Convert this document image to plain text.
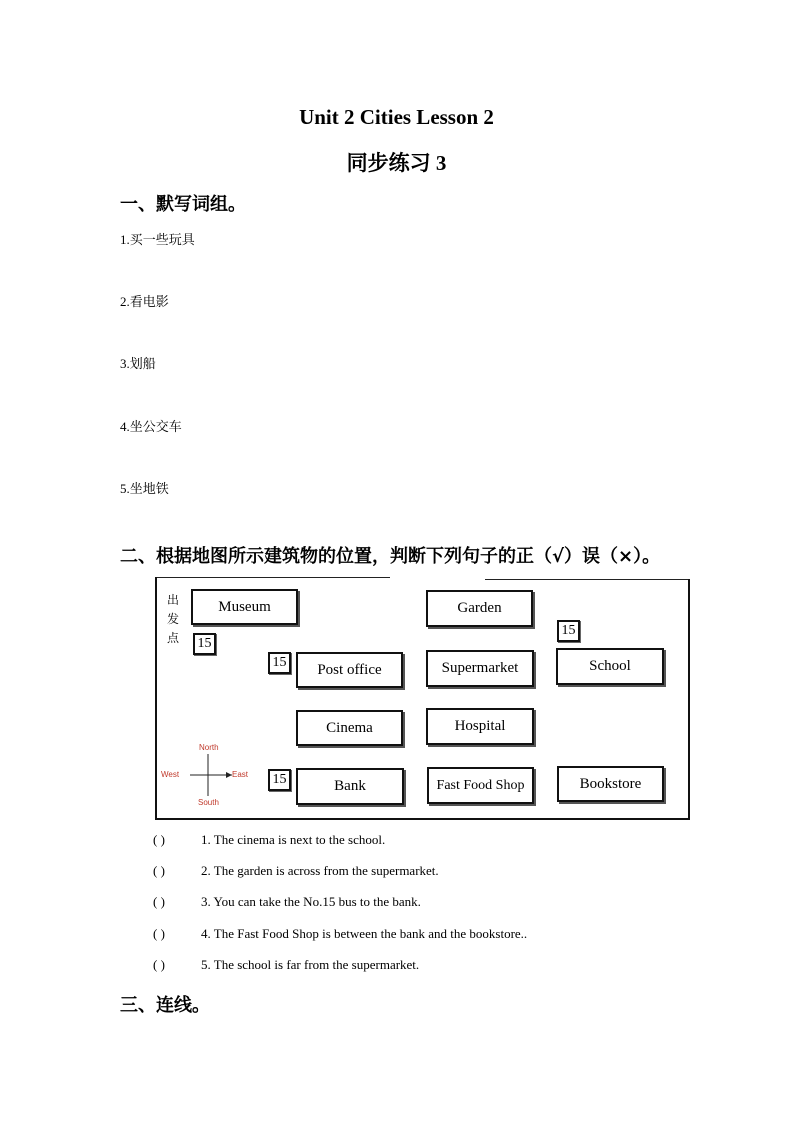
Unit 2 Cities Lesson 2
同步练习 3
一、默写词组。
1.买一些玩具
2.看电影
3.划船
4.坐公交车
5.坐地铁
二、根据地图所示建筑物的位置，判断下列句子的正（√）误（×）。
出
发
点
Museum	Garden
15
15
15	Post office	Supermarket	School
Cinema	Hospital
15	Bank	Fast Food Shop	Bookstore
North
South
West	East
( )	1. The cinema is next to the school.
( )	2. The garden is across from the supermarket.
( )	3. You can take the No.15 bus to the bank.
( )	4. The Fast Food Shop is between the bank and the bookstore..
( )	5. The school is far from the supermarket.
三、连线。
